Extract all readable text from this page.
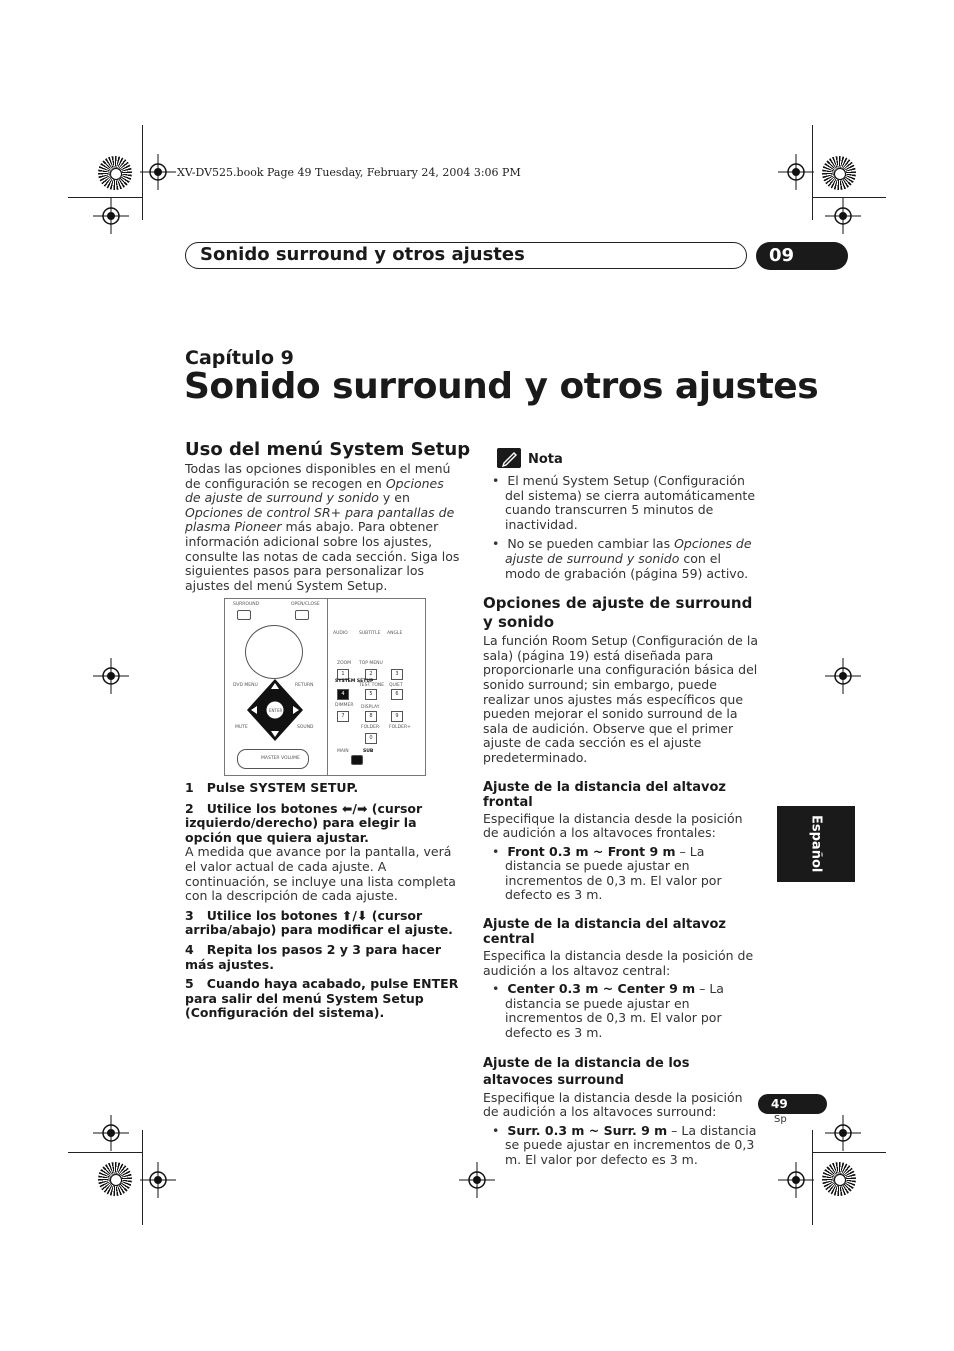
XV-DV525.book Page 49 Tuesday, February 24, 2004 3:06 PM
Sonido surround y otros ajustes	09
Capítulo 9
Sonido surround y otros ajustes
Uso del menú System Setup
Todas las opciones disponibles en el menú de configuración se recogen en Opciones de ajuste de surround y sonido y en Opciones de control SR+ para pantallas de plasma Pioneer más abajo. Para obtener información adicional sobre los ajustes, consulte las notas de cada sección. Siga los siguientes pasos para personalizar los ajustes del menú System Setup.
SURROUND	OPEN/CLOSE
DVD MENU	RETURN
ENTER
MUTE	SOUND
MASTER VOLUME
AUDIO	SUBTITLE ANGLE
ZOOM TOP MENU
1	2	3
SYSTEM SETUP
TEST TONE QUIET
4	5	6
DIMMER DISPLAY
7	8	9
FOLDER- FOLDER+
0
MAIN	SUB
1 Pulse SYSTEM SETUP.
2 Utilice los botones ⬅/➡ (cursor izquierdo/derecho) para elegir la opción que quiera ajustar.
A medida que avance por la pantalla, verá el valor actual de cada ajuste. A continuación, se incluye una lista completa con la descripción de cada ajuste.
3 Utilice los botones ⬆/⬇ (cursor arriba/abajo) para modificar el ajuste.
4 Repita los pasos 2 y 3 para hacer más ajustes.
5 Cuando haya acabado, pulse ENTER para salir del menú System Setup (Configuración del sistema).
Nota
•  El menú System Setup (Configuración del sistema) se cierra automáticamente cuando transcurren 5 minutos de inactividad.
•  No se pueden cambiar las Opciones de ajuste de surround y sonido con el modo de grabación (página 59) activo.
Opciones de ajuste de surround y sonido
La función Room Setup (Configuración de la sala) (página 19) está diseñada para proporcionarle una configuración básica del sonido surround; sin embargo, puede realizar unos ajustes más específicos que pueden mejorar el sonido surround de la sala de audición. Observe que el primer ajuste de cada sección es el ajuste predeterminado.
Ajuste de la distancia del altavoz frontal
Especifique la distancia desde la posición de audición a los altavoces frontales:
•  Front 0.3 m ~ Front 9 m – La distancia se puede ajustar en incrementos de 0,3 m. El valor por defecto es 3 m.
Ajuste de la distancia del altavoz central
Especifica la distancia desde la posición de audición a los altavoz central:
•  Center 0.3 m ~ Center 9 m – La distancia se puede ajustar en incrementos de 0,3 m. El valor por defecto es 3 m.
Ajuste de la distancia de los altavoces surround
Especifique la distancia desde la posición de audición a los altavoces surround:
•  Surr. 0.3 m ~ Surr. 9 m – La distancia se puede ajustar en incrementos de 0,3 m. El valor por defecto es 3 m.
Español
49
Sp
